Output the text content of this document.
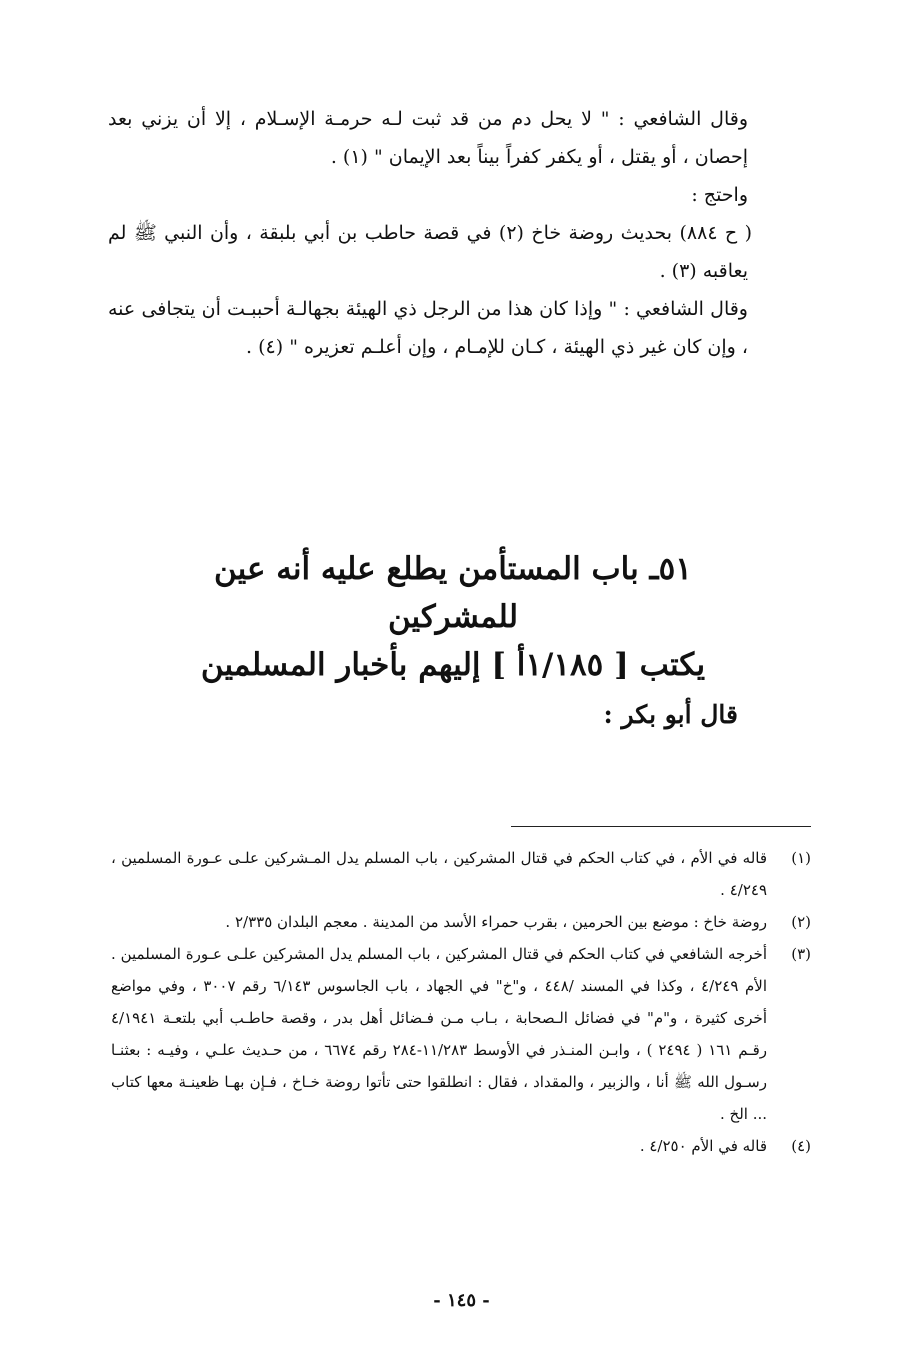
وقال الشافعي : " لا يحل دم من قد ثبت لـه حرمـة الإسـلام ، إلا أن يزني بعد إحصان ، أو يقتل ، أو يكفر كفراً بيناً بعد الإيمان " (١) .

واحتج :

( ح ٨٨٤) بحديث روضة خاخ (٢) في قصة حاطب بن أبي بلبقة ، وأن النبي ﷺ لم يعاقبه (٣) .

وقال الشافعي : " وإذا كان هذا من الرجل ذي الهيئة بجهالـة أحببـت أن يتجافى عنه ، وإن كان غير ذي الهيئة ، كـان للإمـام ، وإن أعلـم تعزيره " (٤) .

٥١ـ باب المستأمن يطلع عليه أنه عين للمشركين
يكتب [ ١/١٨٥أ ] إليهم بأخبار المسلمين
قال أبو بكر :

(١)
قاله في الأم ، في كتاب الحكم في قتال المشركين ، باب المسلم يدل المـشركين علـى عـورة المسلمين ، ٤/٢٤٩ .

(٢)
روضة خاخ : موضع بين الحرمين ، بقرب حمراء الأسد من المدينة . معجم البلدان ٢/٣٣٥ .

(٣)
أخرجه الشافعي في كتاب الحكم في قتال المشركين ، باب المسلم يدل المشركين علـى عـورة المسلمين . الأم ٤/٢٤٩ ، وكذا في المسند /٤٤٨ ، و"خ" في الجهاد ، باب الجاسوس ٦/١٤٣ رقم ٣٠٠٧ ، وفي مواضع أخرى كثيرة ، و"م" في فضائل الـصحابة ، بـاب مـن فـضائل أهل بدر ، وقصة حاطـب أبي بلتعـة ٤/١٩٤١ رقـم ١٦١ ( ٢٤٩٤ ) ، وابـن المنـذر في الأوسط ١١/٢٨٣-٢٨٤ رقم ٦٦٧٤ ، من حـديث علـي ، وفيـه : بعثنـا رسـول الله ﷺ أنا ، والزبير ، والمقداد ، فقال : انطلقوا حتى تأتوا روضة خـاخ ، فـإن بهـا ظعينـة معها كتاب ... الخ .

(٤)
قاله في الأم ٤/٢٥٠ .

- ١٤٥ -
